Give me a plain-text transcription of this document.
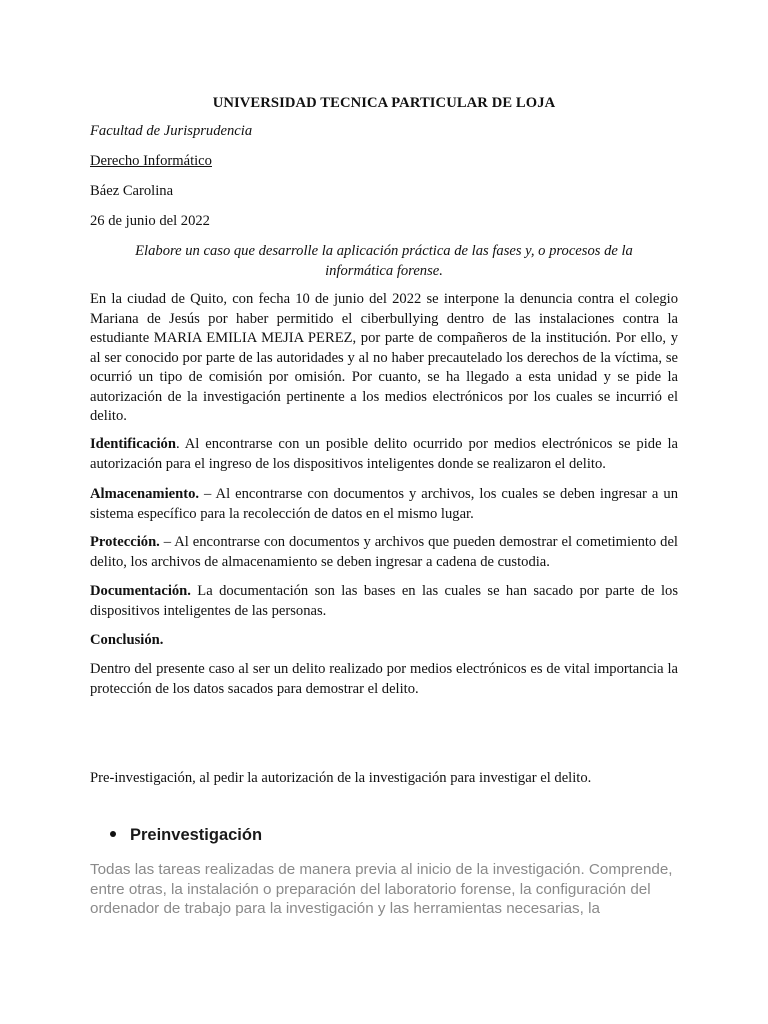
UNIVERSIDAD TECNICA PARTICULAR DE LOJA

Facultad de Jurisprudencia

Derecho Informático

Báez Carolina

26 de junio del 2022

Elabore un caso que desarrolle la aplicación práctica de las fases y, o procesos de la informática forense.

En la ciudad de Quito, con fecha 10 de junio del 2022 se interpone la denuncia contra el colegio Mariana de Jesús por haber permitido el ciberbullying dentro de las instalaciones contra la estudiante MARIA EMILIA MEJIA PEREZ, por parte de compañeros de la institución. Por ello, y al ser conocido por parte de las autoridades y al no haber precautelado los derechos de la víctima, se ocurrió un tipo de comisión por omisión. Por cuanto, se ha llegado a esta unidad y se pide la autorización de la investigación pertinente a los medios electrónicos por los cuales se incurrió el delito.

Identificación. Al encontrarse con un posible delito ocurrido por medios electrónicos se pide la autorización para el ingreso de los dispositivos inteligentes donde se realizaron el delito.

Almacenamiento. – Al encontrarse con documentos y archivos, los cuales se deben ingresar a un sistema específico para la recolección de datos en el mismo lugar.

Protección. – Al encontrarse con documentos y archivos que pueden demostrar el cometimiento del delito, los archivos de almacenamiento se deben ingresar a cadena de custodia.

Documentación. La documentación son las bases en las cuales se han sacado por parte de los dispositivos inteligentes de las personas.

Conclusión.

Dentro del presente caso al ser un delito realizado por medios electrónicos es de vital importancia la protección de los datos sacados para demostrar el delito.

Pre-investigación, al pedir la autorización de la investigación para investigar el delito.

Preinvestigación

Todas las tareas realizadas de manera previa al inicio de la investigación. Comprende, entre otras, la instalación o preparación del laboratorio forense, la configuración del ordenador de trabajo para la investigación y las herramientas necesarias, la
